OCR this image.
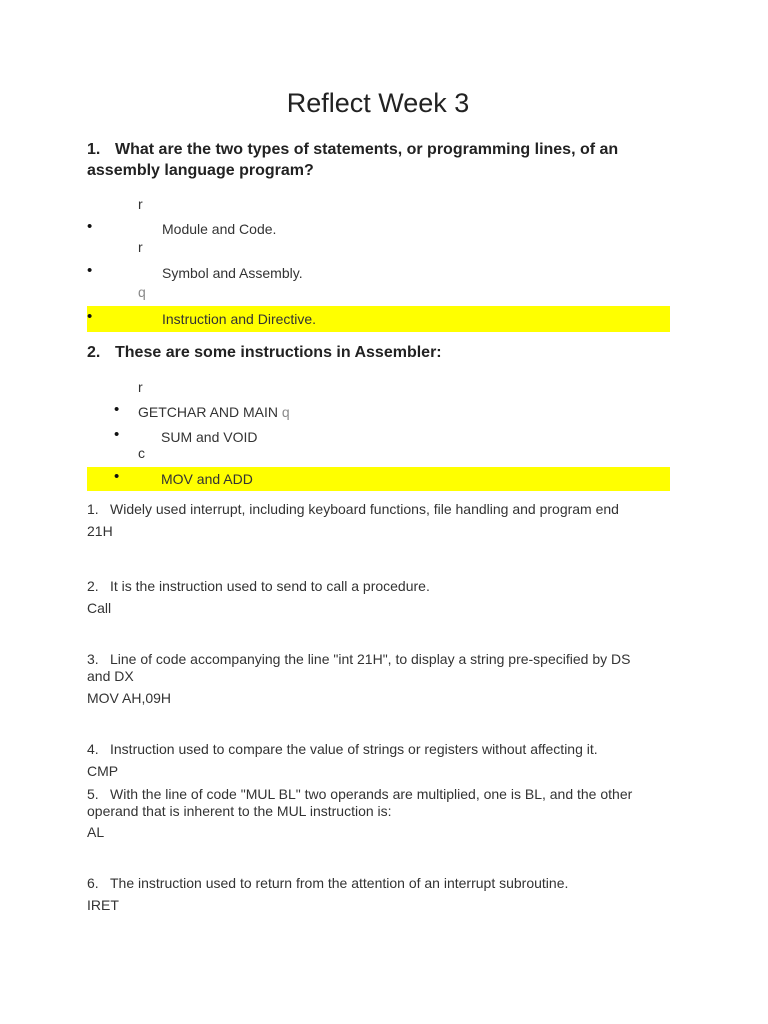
Reflect Week 3
1. What are the two types of statements, or programming lines, of an assembly language program?
r
•	Module and Code.
r
•	Symbol and Assembly.
q
•	Instruction and Directive.
2. These are some instructions in Assembler:
r
• GETCHAR AND MAIN q
•	SUM and VOID
c
•	MOV and ADD
1. Widely used interrupt, including keyboard functions, file handling and program end
21H
2. It is the instruction used to send to call a procedure.
Call
3. Line of code accompanying the line "int 21H", to display a string pre-specified by DS and DX
MOV AH,09H
4. Instruction used to compare the value of strings or registers without affecting it.
CMP
5. With the line of code "MUL BL" two operands are multiplied, one is BL, and the other operand that is inherent to the MUL instruction is:
AL
6. The instruction used to return from the attention of an interrupt subroutine.
IRET
